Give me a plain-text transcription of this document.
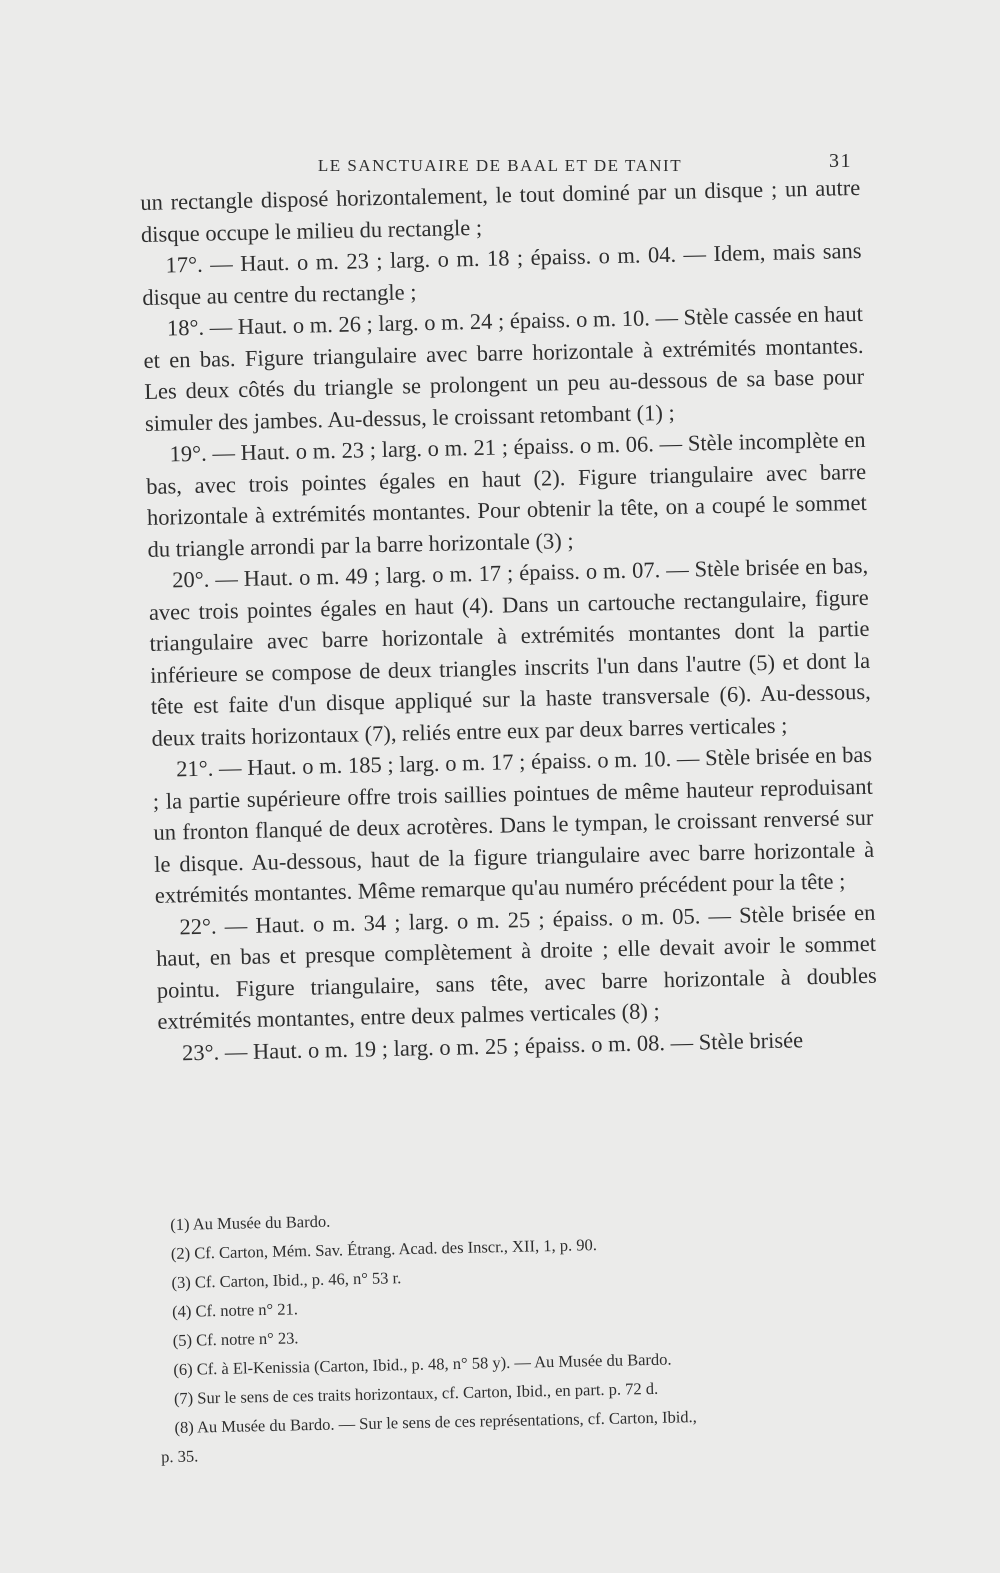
LE SANCTUAIRE DE BAAL ET DE TANIT	31

un rectangle disposé horizontalement, le tout dominé par un disque ; un autre disque occupe le milieu du rectangle ;

17°. — Haut. o m. 23 ; larg. o m. 18 ; épaiss. o m. 04. — Idem, mais sans disque au centre du rectangle ;

18°. — Haut. o m. 26 ; larg. o m. 24 ; épaiss. o m. 10. — Stèle cassée en haut et en bas. Figure triangulaire avec barre horizontale à extrémités montantes. Les deux côtés du triangle se prolongent un peu au-dessous de sa base pour simuler des jambes. Au-dessus, le croissant retombant (1) ;

19°. — Haut. o m. 23 ; larg. o m. 21 ; épaiss. o m. 06. — Stèle incomplète en bas, avec trois pointes égales en haut (2). Figure triangulaire avec barre horizontale à extrémités montantes. Pour obtenir la tête, on a coupé le sommet du triangle arrondi par la barre horizontale (3) ;

20°. — Haut. o m. 49 ; larg. o m. 17 ; épaiss. o m. 07. — Stèle brisée en bas, avec trois pointes égales en haut (4). Dans un cartouche rectangulaire, figure triangulaire avec barre horizontale à extrémités montantes dont la partie inférieure se compose de deux triangles inscrits l'un dans l'autre (5) et dont la tête est faite d'un disque appliqué sur la haste transversale (6). Au-dessous, deux traits horizontaux (7), reliés entre eux par deux barres verticales ;

21°. — Haut. o m. 185 ; larg. o m. 17 ; épaiss. o m. 10. — Stèle brisée en bas ; la partie supérieure offre trois saillies pointues de même hauteur reproduisant un fronton flanqué de deux acrotères. Dans le tympan, le croissant renversé sur le disque. Au-dessous, haut de la figure triangulaire avec barre horizontale à extrémités montantes. Même remarque qu'au numéro précédent pour la tête ;

22°. — Haut. o m. 34 ; larg. o m. 25 ; épaiss. o m. 05. — Stèle brisée en haut, en bas et presque complètement à droite ; elle devait avoir le sommet pointu. Figure triangulaire, sans tête, avec barre horizontale à doubles extrémités montantes, entre deux palmes verticales (8) ;

23°. — Haut. o m. 19 ; larg. o m. 25 ; épaiss. o m. 08. — Stèle brisée

(1) Au Musée du Bardo.

(2) Cf. Carton, Mém. Sav. Étrang. Acad. des Inscr., XII, 1, p. 90.

(3) Cf. Carton, Ibid., p. 46, n° 53 r.

(4) Cf. notre n° 21.

(5) Cf. notre n° 23.

(6) Cf. à El-Kenissia (Carton, Ibid., p. 48, n° 58 y). — Au Musée du Bardo.

(7) Sur le sens de ces traits horizontaux, cf. Carton, Ibid., en part. p. 72 d.

(8) Au Musée du Bardo. — Sur le sens de ces représentations, cf. Carton, Ibid.,

p. 35.
